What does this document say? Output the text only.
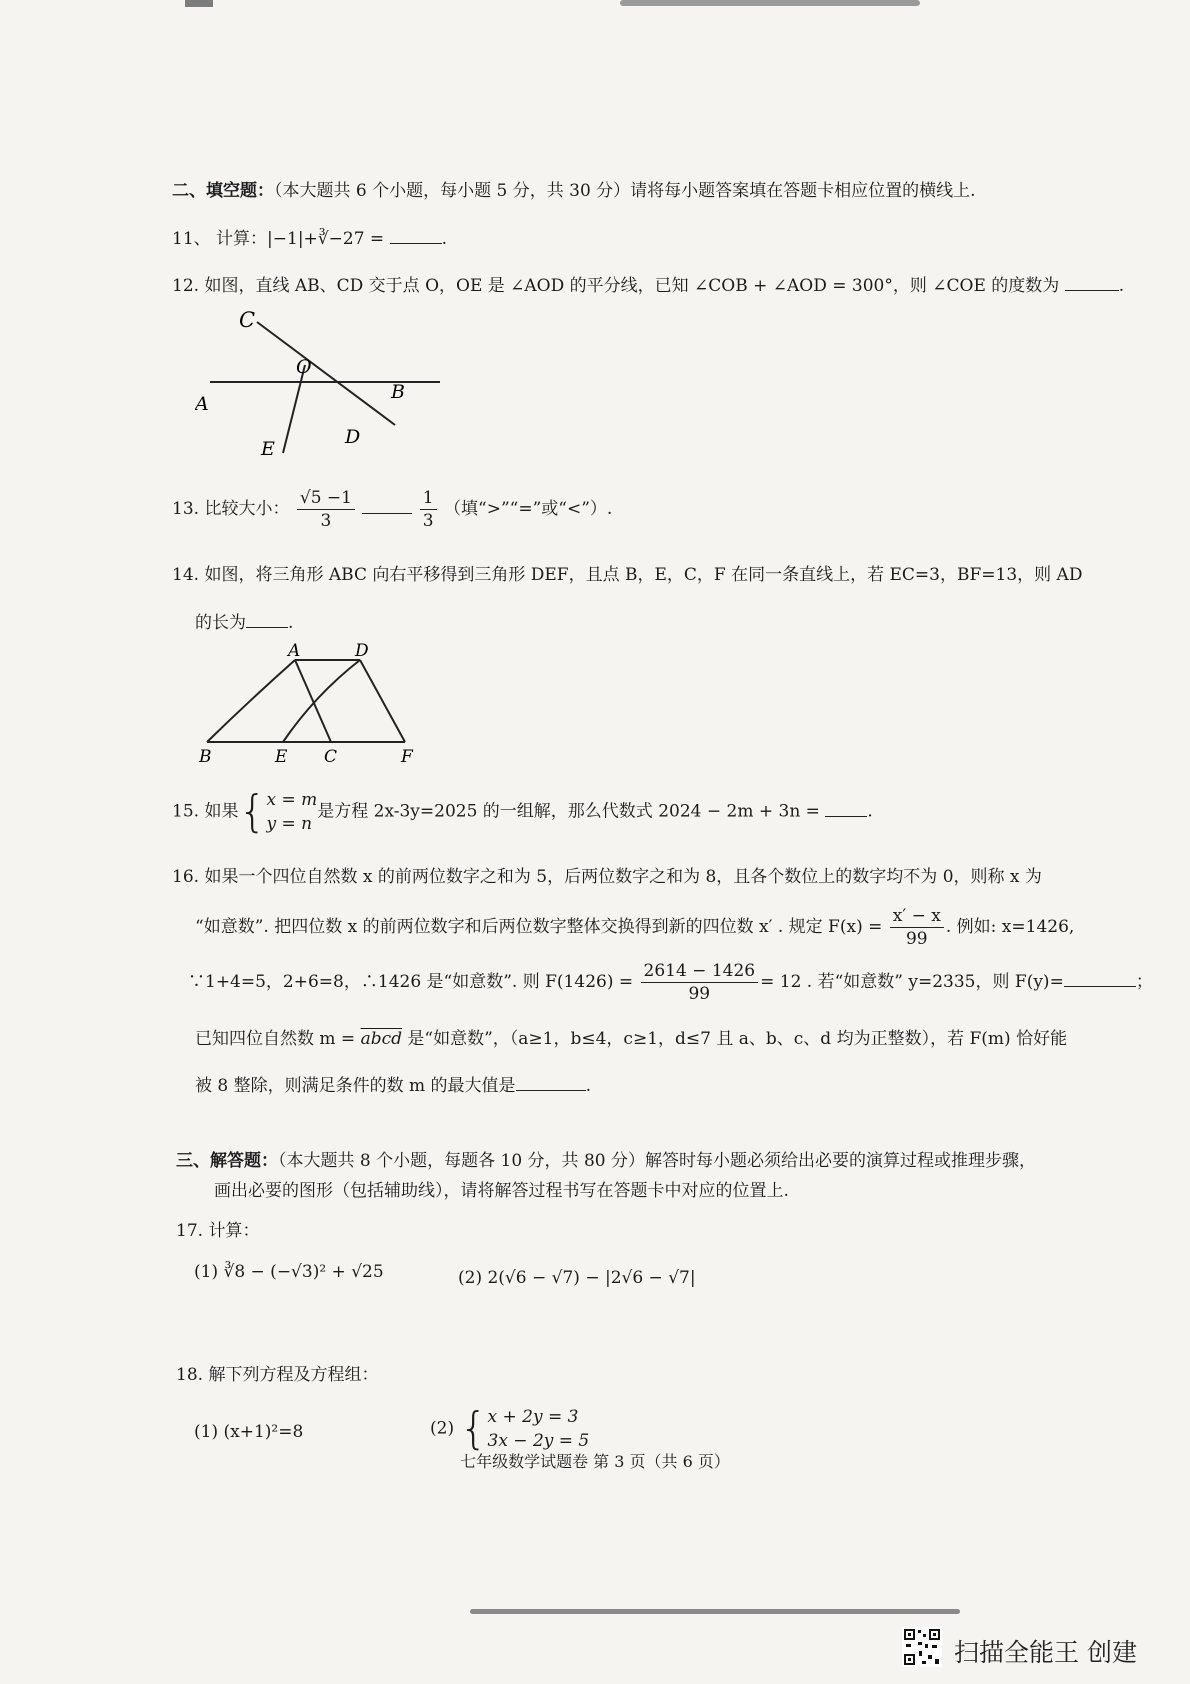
二、填空题：（本大题共 6 个小题，每小题 5 分，共 30 分）请将每小题答案填在答题卡相应位置的横线上.
11、 计算：|−1|+∛−27 =	.
12. 如图，直线 AB、CD 交于点 O，OE 是 ∠AOD 的平分线，已知 ∠COB + ∠AOD = 300°，则 ∠COE 的度数为	.
C
O
A
B
E
D
13. 比较大小： $\frac{√5 -1}{3}$
	$\frac{1}{3}$ （填“>”“=”或“<”）.
14. 如图，将三角形 ABC 向右平移得到三角形 DEF，且点 B，E，C，F 在同一条直线上，若 EC=3，BF=13，则 AD
的长为 .
A	D
B	E C	F
15. 如果{ x = m
y = n
是方程 2x-3y=2025 的一组解，那么代数式 2024 − 2m + 3n =	.
16. 如果一个四位自然数 x 的前两位数字之和为 5，后两位数字之和为 8，且各个数位上的数字均不为 0，则称 x 为
“如意数”. 把四位数 x 的前两位数字和后两位数字整体交换得到新的四位数 x′ . 规定 $F(x) = \frac{x' - x}{99}$ . 例如: x=1426,
∵1+4=5，2+6=8，∴1426 是“如意数”. 则 $F(1426) = \frac{2614 - 1426}{99} = 12$ . 若“如意数” y=2335，则 F(y)=	；
已知四位自然数 m = abcd 是“如意数”，（a≥1，b≤4，c≥1，d≤7 且 a、b、c、d 均为正整数），若 F(m) 恰好能
被 8 整除，则满足条件的数 m 的最大值是	.
三、解答题：（本大题共 8 个小题，每题各 10 分，共 80 分）解答时每小题必须给出必要的演算过程或推理步骤，
画出必要的图形（包括辅助线），请将解答过程书写在答题卡中对应的位置上.
17. 计算：
(1) ∛8 − (−√3)² + √25	(2) 2(√6 − √7) − |2√6 − √7|
18. 解下列方程及方程组：
(1) (x+1)²=8	(2) { x + 2y = 3
3x − 2y = 5
七年级数学试题卷 第 3 页（共 6 页）
扫描全能王 创建
